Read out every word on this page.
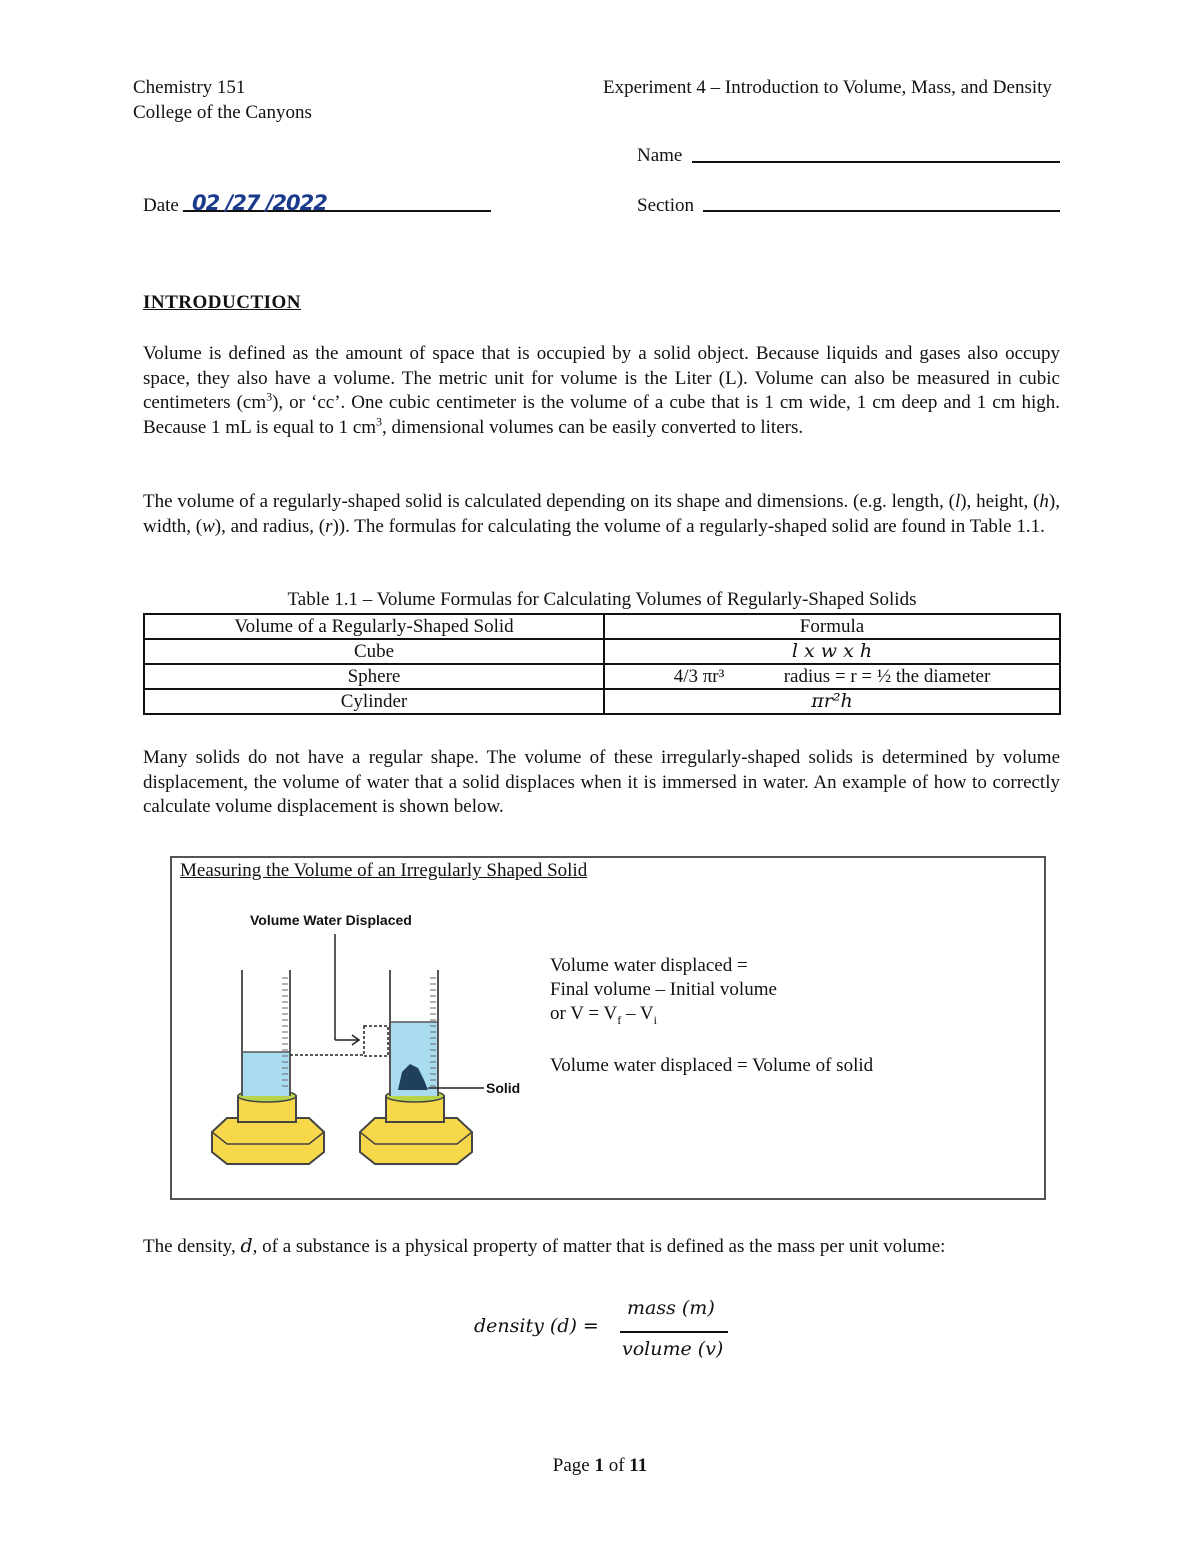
Chemistry 151
College of the Canyons
Experiment 4 – Introduction to Volume, Mass, and Density
Name
Date 02 /27 /2022	Section
INTRODUCTION
Volume is defined as the amount of space that is occupied by a solid object. Because liquids and gases also occupy space, they also have a volume. The metric unit for volume is the Liter (L). Volume can also be measured in cubic centimeters $(cm^3)$, or ‘cc’. One cubic centimeter is the volume of a cube that is 1 cm wide, 1 cm deep and 1 cm high. Because 1 mL is equal to 1 $cm^3$, dimensional volumes can be easily converted to liters.
The volume of a regularly-shaped solid is calculated depending on its shape and dimensions. (e.g. length, (l), height, (h), width, (w), and radius, (r)). The formulas for calculating the volume of a regularly-shaped solid are found in Table 1.1.
Table 1.1 – Volume Formulas for Calculating Volumes of Regularly-Shaped Solids
Volume of a Regularly-Shaped Solid	Formula
Cube	l x w x h
Sphere	4/3 πr³ radius = r = ½ the diameter
Cylinder	πr²h
Many solids do not have a regular shape. The volume of these irregularly-shaped solids is determined by volume displacement, the volume of water that a solid displaces when it is immersed in water. An example of how to correctly calculate volume displacement is shown below.
Measuring the Volume of an Irregularly Shaped Solid
Volume Water Displaced
Solid
Volume water displaced =
Final volume – Initial volume
or $V = V_f - V_i$
Volume water displaced = Volume of solid
The density, d, of a substance is a physical property of matter that is defined as the mass per unit volume:
density (d) =
mass (m)
volume (v)
Page 1 of 11
